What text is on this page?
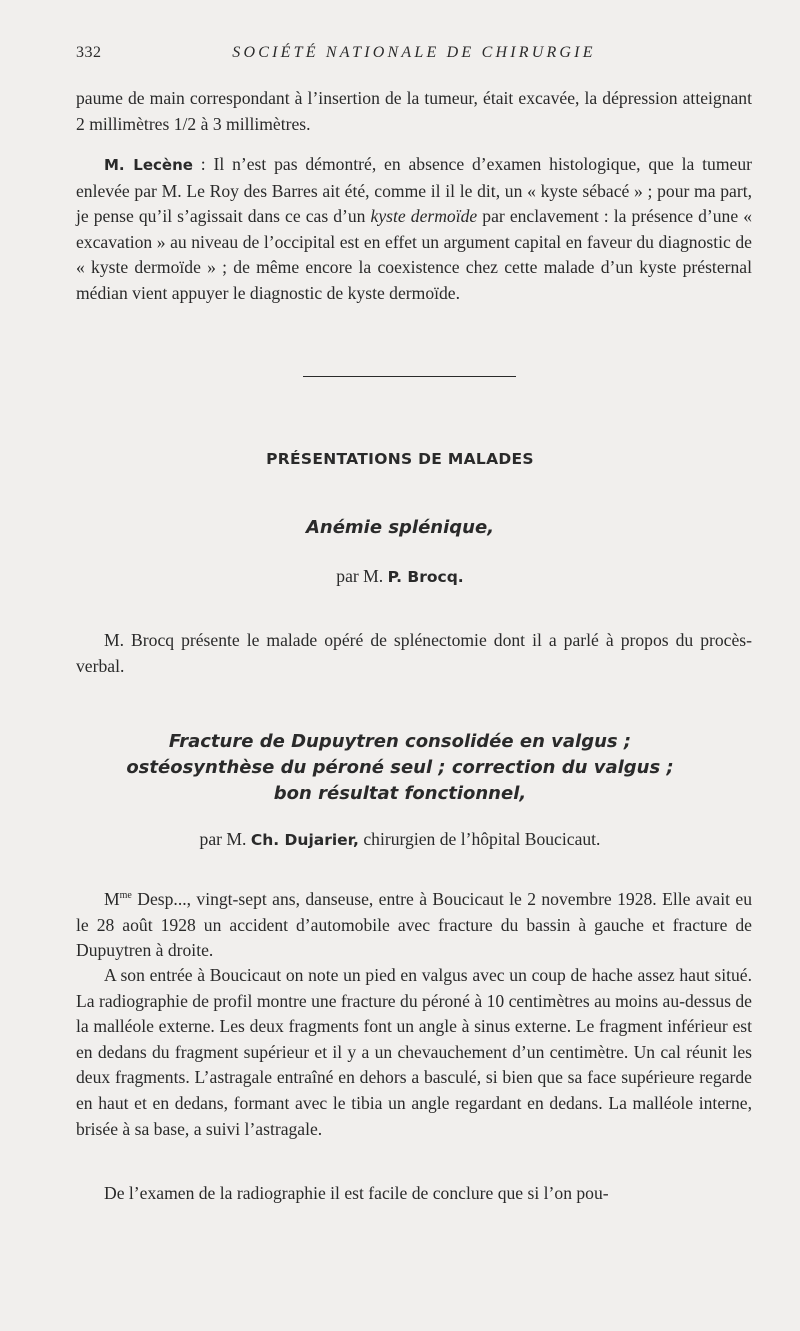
332	SOCIÉTÉ NATIONALE DE CHIRURGIE

paume de main correspondant à l’insertion de la tumeur, était excavée, la dépression atteignant 2 millimètres 1/2 à 3 millimètres.

M. Lecène : Il n’est pas démontré, en absence d’examen histologique, que la tumeur enlevée par M. Le Roy des Barres ait été, comme il il le dit, un « kyste sébacé » ; pour ma part, je pense qu’il s’agissait dans ce cas d’un kyste dermoïde par enclavement : la présence d’une « excavation » au niveau de l’occipital est en effet un argument capital en faveur du diagnostic de « kyste dermoïde » ; de même encore la coexistence chez cette malade d’un kyste présternal médian vient appuyer le diagnostic de kyste dermoïde.

PRÉSENTATIONS DE MALADES
Anémie splénique,
par M. P. Brocq.

M. Brocq présente le malade opéré de splénectomie dont il a parlé à propos du procès-verbal.

Fracture de Dupuytren consolidée en valgus ;
ostéosynthèse du péroné seul ; correction du valgus ;
bon résultat fonctionnel,
par M. Ch. Dujarier, chirurgien de l’hôpital Boucicaut.

$M^{me}$ Desp..., vingt-sept ans, danseuse, entre à Boucicaut le 2 novembre 1928. Elle avait eu le 28 août 1928 un accident d’automobile avec fracture du bassin à gauche et fracture de Dupuytren à droite.

A son entrée à Boucicaut on note un pied en valgus avec un coup de hache assez haut situé. La radiographie de profil montre une fracture du péroné à 10 centimètres au moins au-dessus de la malléole externe. Les deux fragments font un angle à sinus externe. Le fragment inférieur est en dedans du fragment supérieur et il y a un chevauchement d’un centimètre. Un cal réunit les deux fragments. L’astragale entraîné en dehors a basculé, si bien que sa face supérieure regarde en haut et en dedans, formant avec le tibia un angle regardant en dedans. La malléole interne, brisée à sa base, a suivi l’astragale.

De l’examen de la radiographie il est facile de conclure que si l’on pou-
